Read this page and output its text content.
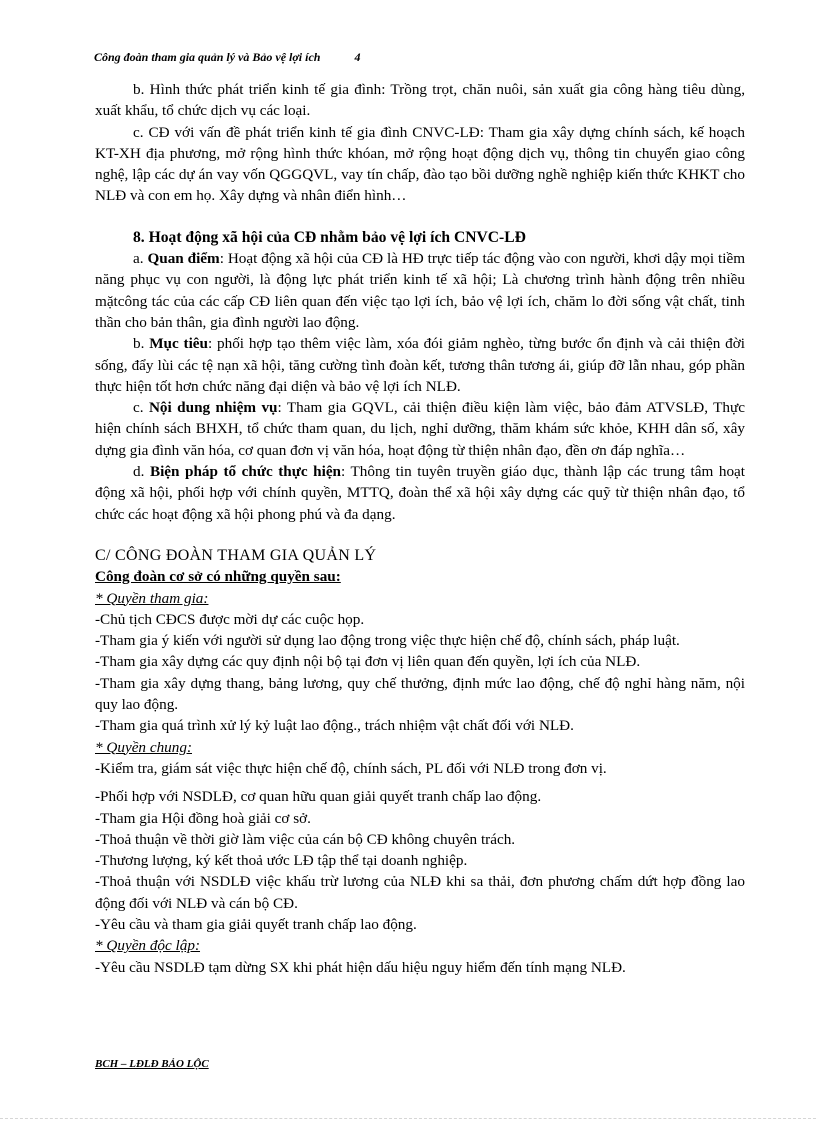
Công đoàn tham gia quản lý và Bảo vệ lợi ích	4

b. Hình thức phát triển kinh tế gia đình: Trồng trọt, chăn nuôi, sản xuất gia công hàng tiêu dùng, xuất khẩu, tổ chức dịch vụ các loại.

c. CĐ với vấn đề phát triển kinh tế gia đình CNVC-LĐ: Tham gia xây dựng chính sách, kế hoạch KT-XH địa phương, mở rộng hình thức khóan, mở rộng hoạt động dịch vụ, thông tin chuyển giao công nghệ, lập các dự án vay vốn QGGQVL, vay tín chấp, đào tạo bồi dưỡng nghề nghiệp kiến thức KHKT cho NLĐ và con em họ. Xây dựng và nhân điển hình…

8. Hoạt động xã hội của CĐ nhằm bảo vệ lợi ích CNVC-LĐ

a. Quan điểm: Hoạt động xã hội của CĐ là HĐ trực tiếp tác động vào con người, khơi dậy mọi tiềm năng phục vụ con người, là động lực phát triển kinh tế xã hội; Là chương trình hành động trên nhiều mặtcông tác của các cấp CĐ liên quan đến việc tạo lợi ích, bảo vệ lợi ích, chăm lo đời sống vật chất, tinh thần cho bản thân, gia đình người lao động.

b. Mục tiêu: phối hợp tạo thêm việc làm, xóa đói giảm nghèo, từng bước ổn định và cải thiện đời sống, đẩy lùi các tệ nạn xã hội, tăng cường tình đoàn kết, tương thân tương ái, giúp đỡ lẫn nhau, góp phần thực hiện tốt hơn chức năng đại diện và bảo vệ lợi ích NLĐ.

c. Nội dung nhiệm vụ: Tham gia GQVL, cải thiện điều kiện làm việc, bảo đảm ATVSLĐ, Thực hiện chính sách BHXH, tổ chức tham quan, du lịch, nghỉ dưỡng, thăm khám sức khỏe, KHH dân số, xây dựng gia đình văn hóa, cơ quan đơn vị văn hóa, hoạt động từ thiện nhân đạo, đền ơn đáp nghĩa…

d. Biện pháp tổ chức thực hiện: Thông tin tuyên truyền giáo dục, thành lập các trung tâm hoạt động xã hội, phối hợp với chính quyền, MTTQ, đoàn thể xã hội xây dựng các quỹ từ thiện nhân đạo, tổ chức các hoạt động xã hội phong phú và đa dạng.

C/ CÔNG ĐOÀN THAM GIA QUẢN LÝ

Công đoàn cơ sở có những quyền sau:

* Quyền tham gia:

-Chủ tịch CĐCS được mời dự các cuộc họp.

-Tham gia ý kiến với người sử dụng lao động trong việc thực hiện chế độ, chính sách, pháp luật.

-Tham gia xây dựng các quy định nội bộ tại đơn vị liên quan đến quyền, lợi ích của NLĐ.

-Tham gia xây dựng thang, bảng lương, quy chế thưởng, định mức lao động, chế độ nghỉ hàng năm, nội quy lao động.

-Tham gia quá trình xử lý kỷ luật lao động., trách nhiệm vật chất đối với NLĐ.

* Quyền chung:

-Kiểm tra, giám sát việc thực hiện chế độ, chính sách, PL đối với NLĐ trong đơn vị.

-Phối hợp với NSDLĐ, cơ quan hữu quan giải quyết tranh chấp lao động.

-Tham gia Hội đồng hoà giải cơ sở.

-Thoả thuận về thời giờ làm việc của cán bộ CĐ không chuyên trách.

-Thương lượng, ký kết thoả ước LĐ tập thể tại doanh nghiệp.

-Thoả thuận với NSDLĐ việc khấu trừ lương của NLĐ khi sa thải, đơn phương chấm dứt hợp đồng lao động đối với NLĐ và cán bộ CĐ.

-Yêu cầu và tham gia giải quyết tranh chấp lao động.

* Quyền độc lập:

-Yêu cầu NSDLĐ tạm dừng SX khi phát hiện dấu hiệu nguy hiểm đến tính mạng NLĐ.

BCH – LĐLĐ BẢO LỘC
